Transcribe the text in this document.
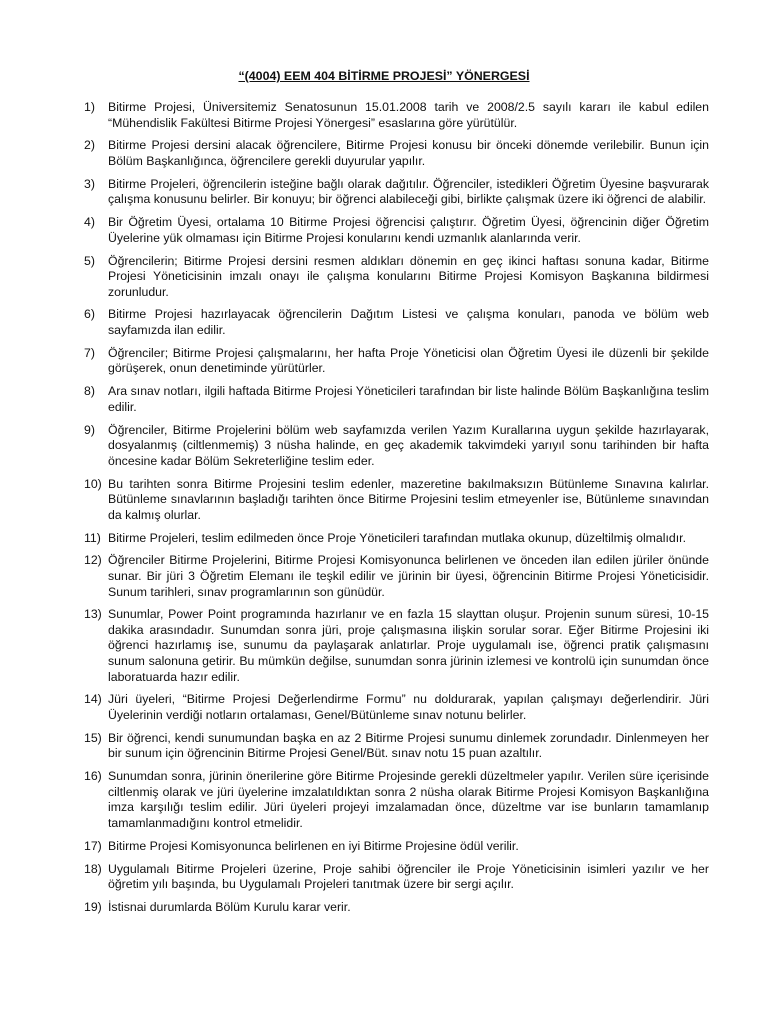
“(4004) EEM 404 BİTİRME PROJESİ” YÖNERGESİ
1)	Bitirme Projesi, Üniversitemiz Senatosunun 15.01.2008 tarih ve 2008/2.5 sayılı kararı ile kabul edilen “Mühendislik Fakültesi Bitirme Projesi Yönergesi” esaslarına göre yürütülür.
2)	Bitirme Projesi dersini alacak öğrencilere, Bitirme Projesi konusu bir önceki dönemde verilebilir. Bunun için Bölüm Başkanlığınca, öğrencilere gerekli duyurular yapılır.
3)	Bitirme Projeleri, öğrencilerin isteğine bağlı olarak dağıtılır. Öğrenciler, istedikleri Öğretim Üyesine başvurarak çalışma konusunu belirler. Bir konuyu; bir öğrenci alabileceği gibi, birlikte çalışmak üzere iki öğrenci de alabilir.
4)	Bir Öğretim Üyesi, ortalama 10 Bitirme Projesi öğrencisi çalıştırır. Öğretim Üyesi, öğrencinin diğer Öğretim Üyelerine yük olmaması için Bitirme Projesi konularını kendi uzmanlık alanlarında verir.
5)	Öğrencilerin; Bitirme Projesi dersini resmen aldıkları dönemin en geç ikinci haftası sonuna kadar, Bitirme Projesi Yöneticisinin imzalı onayı ile çalışma konularını Bitirme Projesi Komisyon Başkanına bildirmesi zorunludur.
6)	Bitirme Projesi hazırlayacak öğrencilerin Dağıtım Listesi ve çalışma konuları, panoda ve bölüm web sayfamızda ilan edilir.
7)	Öğrenciler; Bitirme Projesi çalışmalarını, her hafta Proje Yöneticisi olan Öğretim Üyesi ile düzenli bir şekilde görüşerek, onun denetiminde yürütürler.
8)	Ara sınav notları, ilgili haftada Bitirme Projesi Yöneticileri tarafından bir liste halinde Bölüm Başkanlığına teslim edilir.
9)	Öğrenciler, Bitirme Projelerini bölüm web sayfamızda verilen Yazım Kurallarına uygun şekilde hazırlayarak, dosyalanmış (ciltlenmemiş) 3 nüsha halinde, en geç akademik takvimdeki yarıyıl sonu tarihinden bir hafta öncesine kadar Bölüm Sekreterliğine teslim eder.
10) Bu tarihten sonra Bitirme Projesini teslim edenler, mazeretine bakılmaksızın Bütünleme Sınavına kalırlar. Bütünleme sınavlarının başladığı tarihten önce Bitirme Projesini teslim etmeyenler ise, Bütünleme sınavından da kalmış olurlar.
11) Bitirme Projeleri, teslim edilmeden önce Proje Yöneticileri tarafından mutlaka okunup, düzeltilmiş olmalıdır.
12) Öğrenciler Bitirme Projelerini, Bitirme Projesi Komisyonunca belirlenen ve önceden ilan edilen jüriler önünde sunar. Bir jüri 3 Öğretim Elemanı ile teşkil edilir ve jürinin bir üyesi, öğrencinin Bitirme Projesi Yöneticisidir. Sunum tarihleri, sınav programlarının son günüdür.
13) Sunumlar, Power Point programında hazırlanır ve en fazla 15 slayttan oluşur. Projenin sunum süresi, 10-15 dakika arasındadır. Sunumdan sonra jüri, proje çalışmasına ilişkin sorular sorar. Eğer Bitirme Projesini iki öğrenci hazırlamış ise, sunumu da paylaşarak anlatırlar. Proje uygulamalı ise, öğrenci pratik çalışmasını sunum salonuna getirir. Bu mümkün değilse, sunumdan sonra jürinin izlemesi ve kontrolü için sunumdan önce laboratuarda hazır edilir.
14) Jüri üyeleri, “Bitirme Projesi Değerlendirme Formu” nu doldurarak, yapılan çalışmayı değerlendirir. Jüri Üyelerinin verdiği notların ortalaması, Genel/Bütünleme sınav notunu belirler.
15) Bir öğrenci, kendi sunumundan başka en az 2 Bitirme Projesi sunumu dinlemek zorundadır. Dinlenmeyen her bir sunum için öğrencinin Bitirme Projesi Genel/Büt. sınav notu 15 puan azaltılır.
16) Sunumdan sonra, jürinin önerilerine göre Bitirme Projesinde gerekli düzeltmeler yapılır. Verilen süre içerisinde ciltlenmiş olarak ve jüri üyelerine imzalatıldıktan sonra 2 nüsha olarak Bitirme Projesi Komisyon Başkanlığına imza karşılığı teslim edilir. Jüri üyeleri projeyi imzalamadan önce, düzeltme var ise bunların tamamlanıp tamamlanmadığını kontrol etmelidir.
17) Bitirme Projesi Komisyonunca belirlenen en iyi Bitirme Projesine ödül verilir.
18) Uygulamalı Bitirme Projeleri üzerine, Proje sahibi öğrenciler ile Proje Yöneticisinin isimleri yazılır ve her öğretim yılı başında, bu Uygulamalı Projeleri tanıtmak üzere bir sergi açılır.
19) İstisnai durumlarda Bölüm Kurulu karar verir.
